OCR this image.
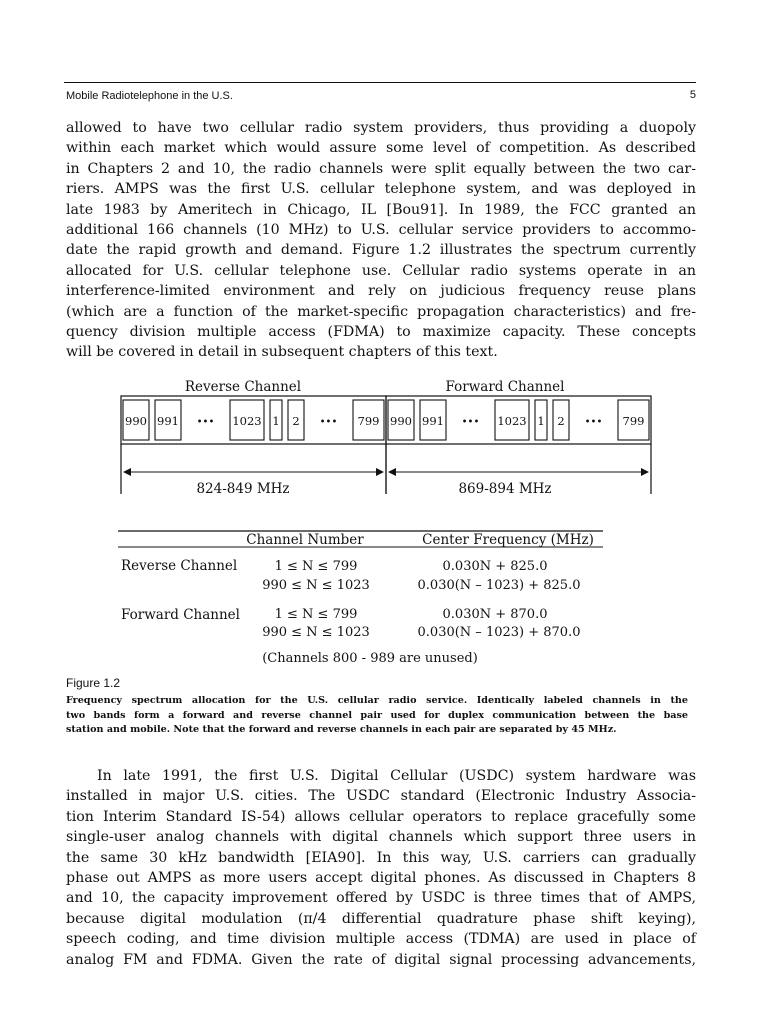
Mobile Radiotelephone in the U.S.	5

allowed to have two cellular radio system providers, thus providing a duopoly
within each market which would assure some level of competition. As described
in Chapters 2 and 10, the radio channels were split equally between the two car-
riers. AMPS was the first U.S. cellular telephone system, and was deployed in
late 1983 by Ameritech in Chicago, IL [Bou91]. In 1989, the FCC granted an
additional 166 channels (10 MHz) to U.S. cellular service providers to accommo-
date the rapid growth and demand. Figure 1.2 illustrates the spectrum currently
allocated for U.S. cellular telephone use. Cellular radio systems operate in an
interference-limited environment and rely on judicious frequency reuse plans
(which are a function of the market-specific propagation characteristics) and fre-
quency division multiple access (FDMA) to maximize capacity. These concepts
will be covered in detail in subsequent chapters of this text.

Reverse Channel	Forward Channel
990 991 ••• 1023 1 2 ••• 799 990 991 ••• 1023 1 2 ••• 799
824-849 MHz	869-894 MHz
Channel Number	Center Frequency (MHz)
Reverse Channel	1 ≤ N ≤ 799	0.030N + 825.0
990 ≤ N ≤ 1023	0.030(N – 1023) + 825.0
Forward Channel	1 ≤ N ≤ 799	0.030N + 870.0
990 ≤ N ≤ 1023	0.030(N – 1023) + 870.0
(Channels 800 - 989 are unused)
Figure 1.2

Frequency spectrum allocation for the U.S. cellular radio service. Identically labeled channels in the
two bands form a forward and reverse channel pair used for duplex communication between the base
station and mobile. Note that the forward and reverse channels in each pair are separated by 45 MHz.

In late 1991, the first U.S. Digital Cellular (USDC) system hardware was
installed in major U.S. cities. The USDC standard (Electronic Industry Associa-
tion Interim Standard IS-54) allows cellular operators to replace gracefully some
single-user analog channels with digital channels which support three users in
the same 30 kHz bandwidth [EIA90]. In this way, U.S. carriers can gradually
phase out AMPS as more users accept digital phones. As discussed in Chapters 8
and 10, the capacity improvement offered by USDC is three times that of AMPS,
because digital modulation (π/4 differential quadrature phase shift keying),
speech coding, and time division multiple access (TDMA) are used in place of
analog FM and FDMA. Given the rate of digital signal processing advancements,
